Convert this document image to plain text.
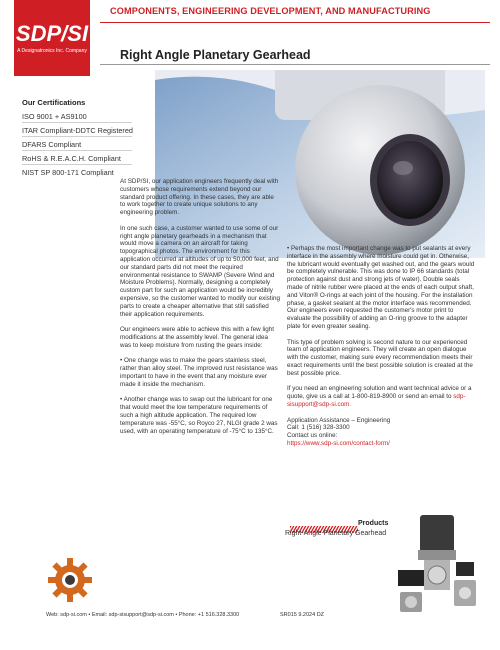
SDP/SI
A Designatronics Inc. Company
COMPONENTS, ENGINEERING DEVELOPMENT, AND MANUFACTURING
Right Angle Planetary Gearhead
Our Certifications
ISO 9001 + AS9100
ITAR Compliant-DDTC Registered
DFARS Compliant
RoHS & R.E.A.C.H. Compliant
NIST SP 800-171 Compliant

At SDP/SI, our application engineers frequently deal with customers whose requirements extend beyond our standard product offering. In these cases, they are able to work together to create unique solutions to any engineering problem.

In one such case, a customer wanted to use some of our right angle planetary gearheads in a mechanism that would move a camera on an aircraft for taking topographical photos. The environment for this application occurred at altitudes of up to 50,000 feet, and our standard parts did not meet the required environmental resistance to SWAMP (Severe Wind and Moisture Problems). Normally, designing a completely custom part for such an application would be incredibly expensive, so the customer wanted to modify our existing parts to create a cheaper alternative that still satisfied their application requirements.

Our engineers were able to achieve this with a few light modifications at the assembly level. The general idea was to keep moisture from rusting the gears inside:

• One change was to make the gears stainless steel, rather than alloy steel. The improved rust resistance was important to have in the event that any moisture ever made it inside the mechanism.

• Another change was to swap out the lubricant for one that would meet the low temperature requirements of such a high altitude application. The required low temperature was -55°C, so Royco 27, NLGI grade 2 was used, with an operating temperature of -75°C to 135°C.

• Perhaps the most important change was to put sealants at every interface in the assembly where moisture could get in. Otherwise, the lubricant would eventually get washed out, and the gears would be completely vulnerable. This was done to IP 66 standards (total protection against dust and strong jets of water). Double seals made of nitrile rubber were placed at the ends of each output shaft, and Viton® O-rings at each joint of the housing. For the installation phase, a gasket sealant at the motor interface was recommended. Our engineers even requested the customer's motor print to evaluate the possibility of adding an O-ring groove to the adapter plate for even greater sealing.

This type of problem solving is second nature to our experienced team of application engineers. They will create an open dialogue with the customer, making sure every recommendation meets their exact requirements until the best possible solution is created at the best possible price.

If you need an engineering solution and want technical advice or a quote, give us a call at 1-800-819-8900 or send an email to sdp-sisupport@sdp-si.com.

Application Assistance – Engineering
Call: 1 (516) 328-3300
Contact us online:
https://www.sdp-si.com/contact-form/
Products
Right-Angle Planetary Gearhead
Web: sdp-si.com • Email: sdp-sisupport@sdp-si.com • Phone: +1 516.328.3300	SR015 9.2024 DZ
